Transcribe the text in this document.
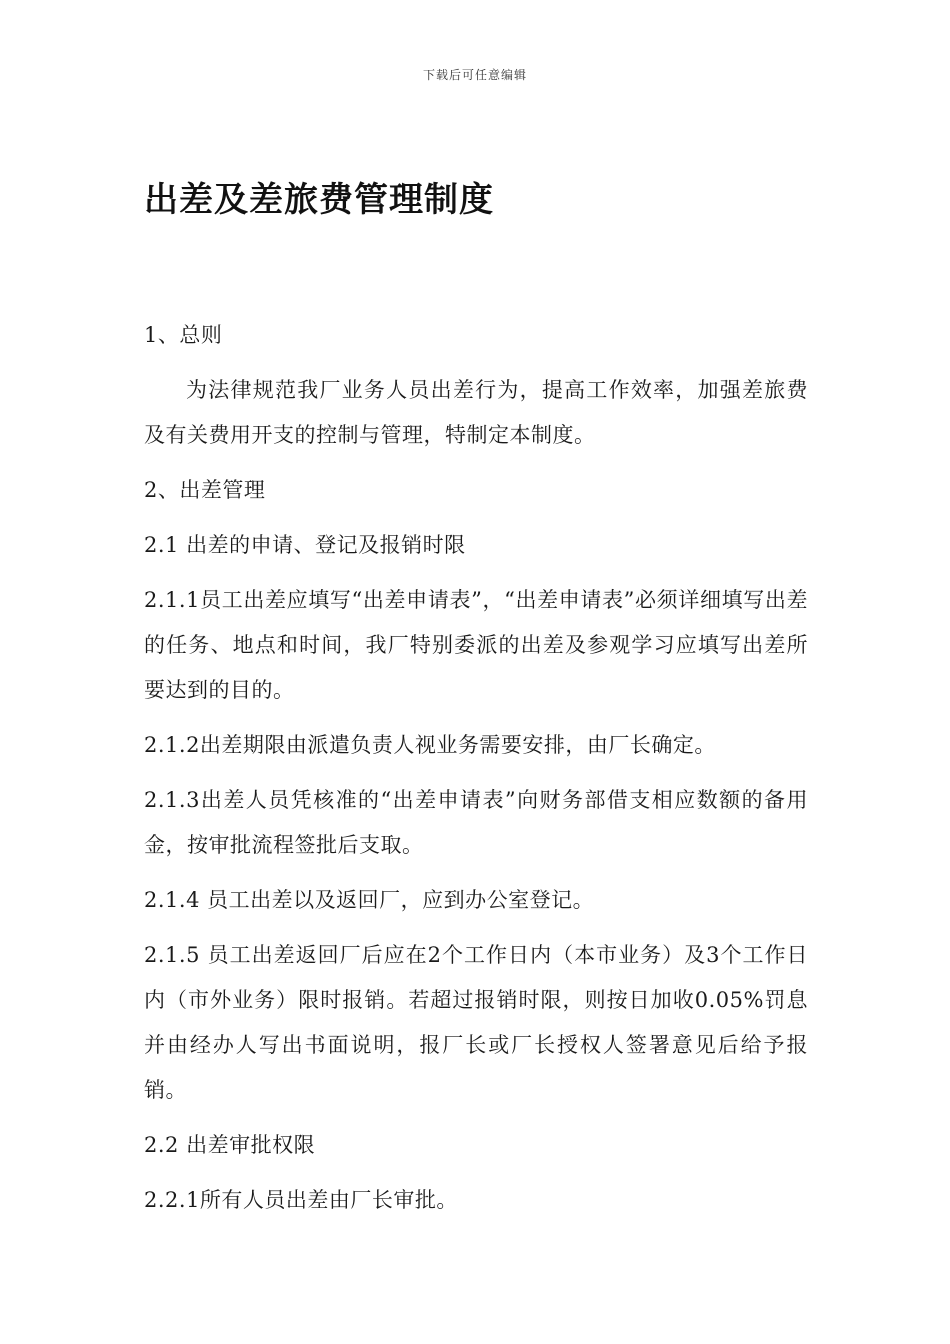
下载后可任意编辑
出差及差旅费管理制度

1、总则

为法律规范我厂业务人员出差行为，提高工作效率，加强差旅费及有关费用开支的控制与管理，特制定本制度。

2、出差管理

2.1 出差的申请、登记及报销时限

2.1.1员工出差应填写“出差申请表”，“出差申请表”必须详细填写出差的任务、地点和时间，我厂特别委派的出差及参观学习应填写出差所要达到的目的。

2.1.2出差期限由派遣负责人视业务需要安排，由厂长确定。

2.1.3出差人员凭核准的“出差申请表”向财务部借支相应数额的备用金，按审批流程签批后支取。

2.1.4 员工出差以及返回厂，应到办公室登记。

2.1.5 员工出差返回厂后应在2个工作日内（本市业务）及3个工作日内（市外业务）限时报销。若超过报销时限，则按日加收0.05%罚息并由经办人写出书面说明，报厂长或厂长授权人签署意见后给予报销。

2.2 出差审批权限

2.2.1所有人员出差由厂长审批。
